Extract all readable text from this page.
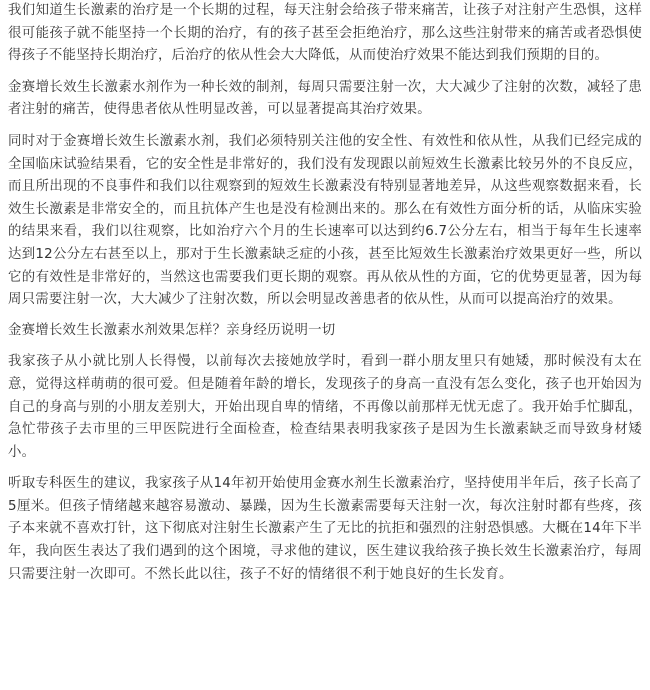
我们知道生长激素的治疗是一个长期的过程，每天注射会给孩子带来痛苦，让孩子对注射产生恐惧，这样很可能孩子就不能坚持一个长期的治疗，有的孩子甚至会拒绝治疗，那么这些注射带来的痛苦或者恐惧使得孩子不能坚持长期治疗，后治疗的依从性会大大降低，从而使治疗效果不能达到我们预期的目的。

金赛增长效生长激素水剂作为一种长效的制剂，每周只需要注射一次，大大减少了注射的次数，减轻了患者注射的痛苦，使得患者依从性明显改善，可以显著提高其治疗效果。

同时对于金赛增长效生长激素水剂，我们必须特别关注他的安全性、有效性和依从性，从我们已经完成的全国临床试验结果看，它的安全性是非常好的，我们没有发现跟以前短效生长激素比较另外的不良反应，而且所出现的不良事件和我们以往观察到的短效生长激素没有特别显著地差异，从这些观察数据来看，长效生长激素是非常安全的，而且抗体产生也是没有检测出来的。那么在有效性方面分析的话，从临床实验的结果来看，我们以往观察，比如治疗六个月的生长速率可以达到约6.7公分左右，相当于每年生长速率达到12公分左右甚至以上，那对于生长激素缺乏症的小孩，甚至比短效生长激素治疗效果更好一些，所以它的有效性是非常好的，当然这也需要我们更长期的观察。再从依从性的方面，它的优势更显著，因为每周只需要注射一次，大大减少了注射次数，所以会明显改善患者的依从性，从而可以提高治疗的效果。

金赛增长效生长激素水剂效果怎样？亲身经历说明一切

我家孩子从小就比别人长得慢，以前每次去接她放学时，看到一群小朋友里只有她矮，那时候没有太在意，觉得这样萌萌的很可爱。但是随着年龄的增长，发现孩子的身高一直没有怎么变化，孩子也开始因为自己的身高与别的小朋友差别大，开始出现自卑的情绪，不再像以前那样无忧无虑了。我开始手忙脚乱，急忙带孩子去市里的三甲医院进行全面检查，检查结果表明我家孩子是因为生长激素缺乏而导致身材矮小。

听取专科医生的建议，我家孩子从14年初开始使用金赛水剂生长激素治疗，坚持使用半年后，孩子长高了5厘米。但孩子情绪越来越容易激动、暴躁，因为生长激素需要每天注射一次，每次注射时都有些疼，孩子本来就不喜欢打针，这下彻底对注射生长激素产生了无比的抗拒和强烈的注射恐惧感。大概在14年下半年，我向医生表达了我们遇到的这个困境，寻求他的建议，医生建议我给孩子换长效生长激素治疗，每周只需要注射一次即可。不然长此以往，孩子不好的情绪很不利于她良好的生长发育。
